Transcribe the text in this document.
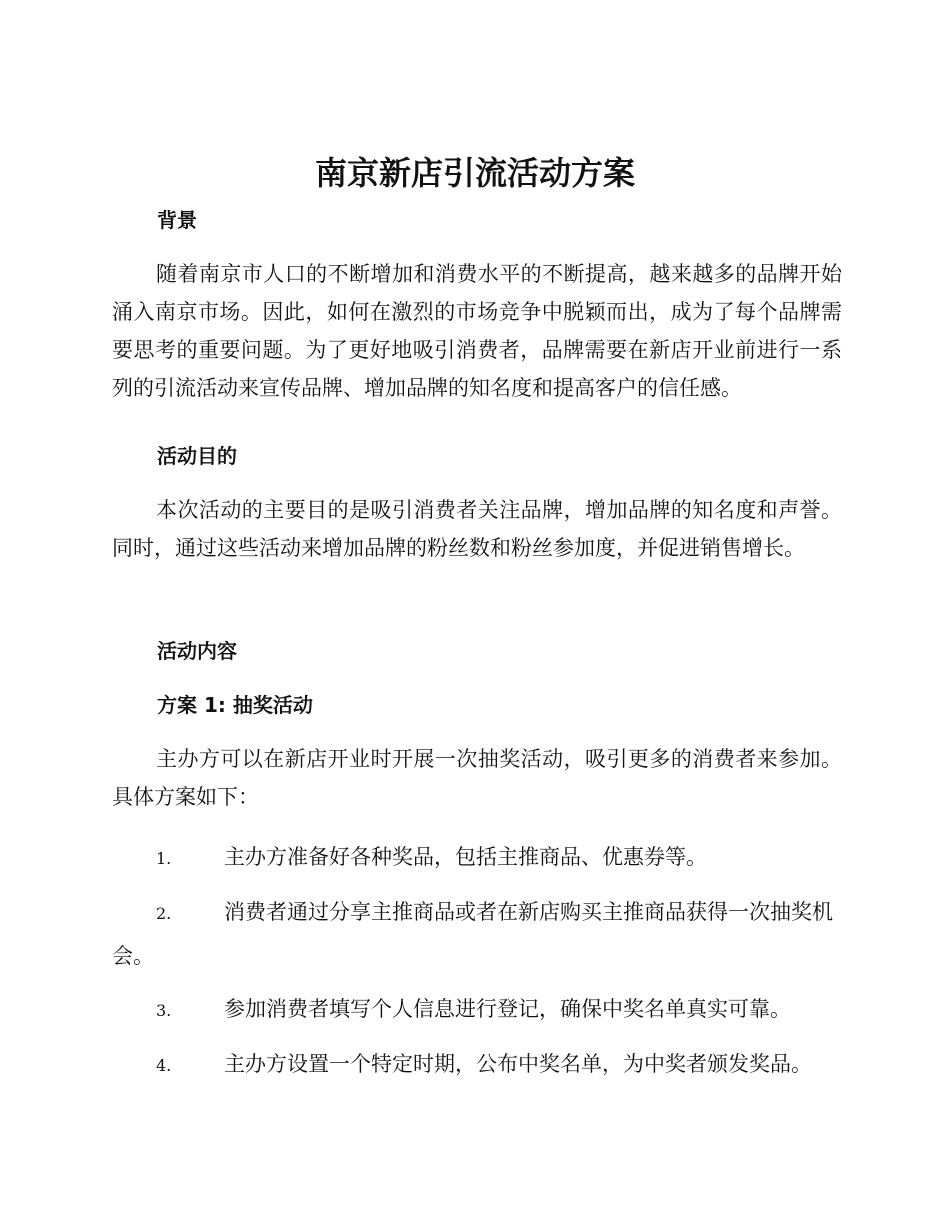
南京新店引流活动方案
背景

随着南京市人口的不断增加和消费水平的不断提高，越来越多的品牌开始涌入南京市场。因此，如何在激烈的市场竞争中脱颖而出，成为了每个品牌需要思考的重要问题。为了更好地吸引消费者，品牌需要在新店开业前进行一系列的引流活动来宣传品牌、增加品牌的知名度和提高客户的信任感。

活动目的

本次活动的主要目的是吸引消费者关注品牌，增加品牌的知名度和声誉。同时，通过这些活动来增加品牌的粉丝数和粉丝参加度，并促进销售增长。

活动内容
方案 1: 抽奖活动

主办方可以在新店开业时开展一次抽奖活动，吸引更多的消费者来参加。具体方案如下：

1.	主办方准备好各种奖品，包括主推商品、优惠券等。
2.	消费者通过分享主推商品或者在新店购买主推商品获得一次抽奖机会。
3.	参加消费者填写个人信息进行登记，确保中奖名单真实可靠。
4.	主办方设置一个特定时期，公布中奖名单，为中奖者颁发奖品。
